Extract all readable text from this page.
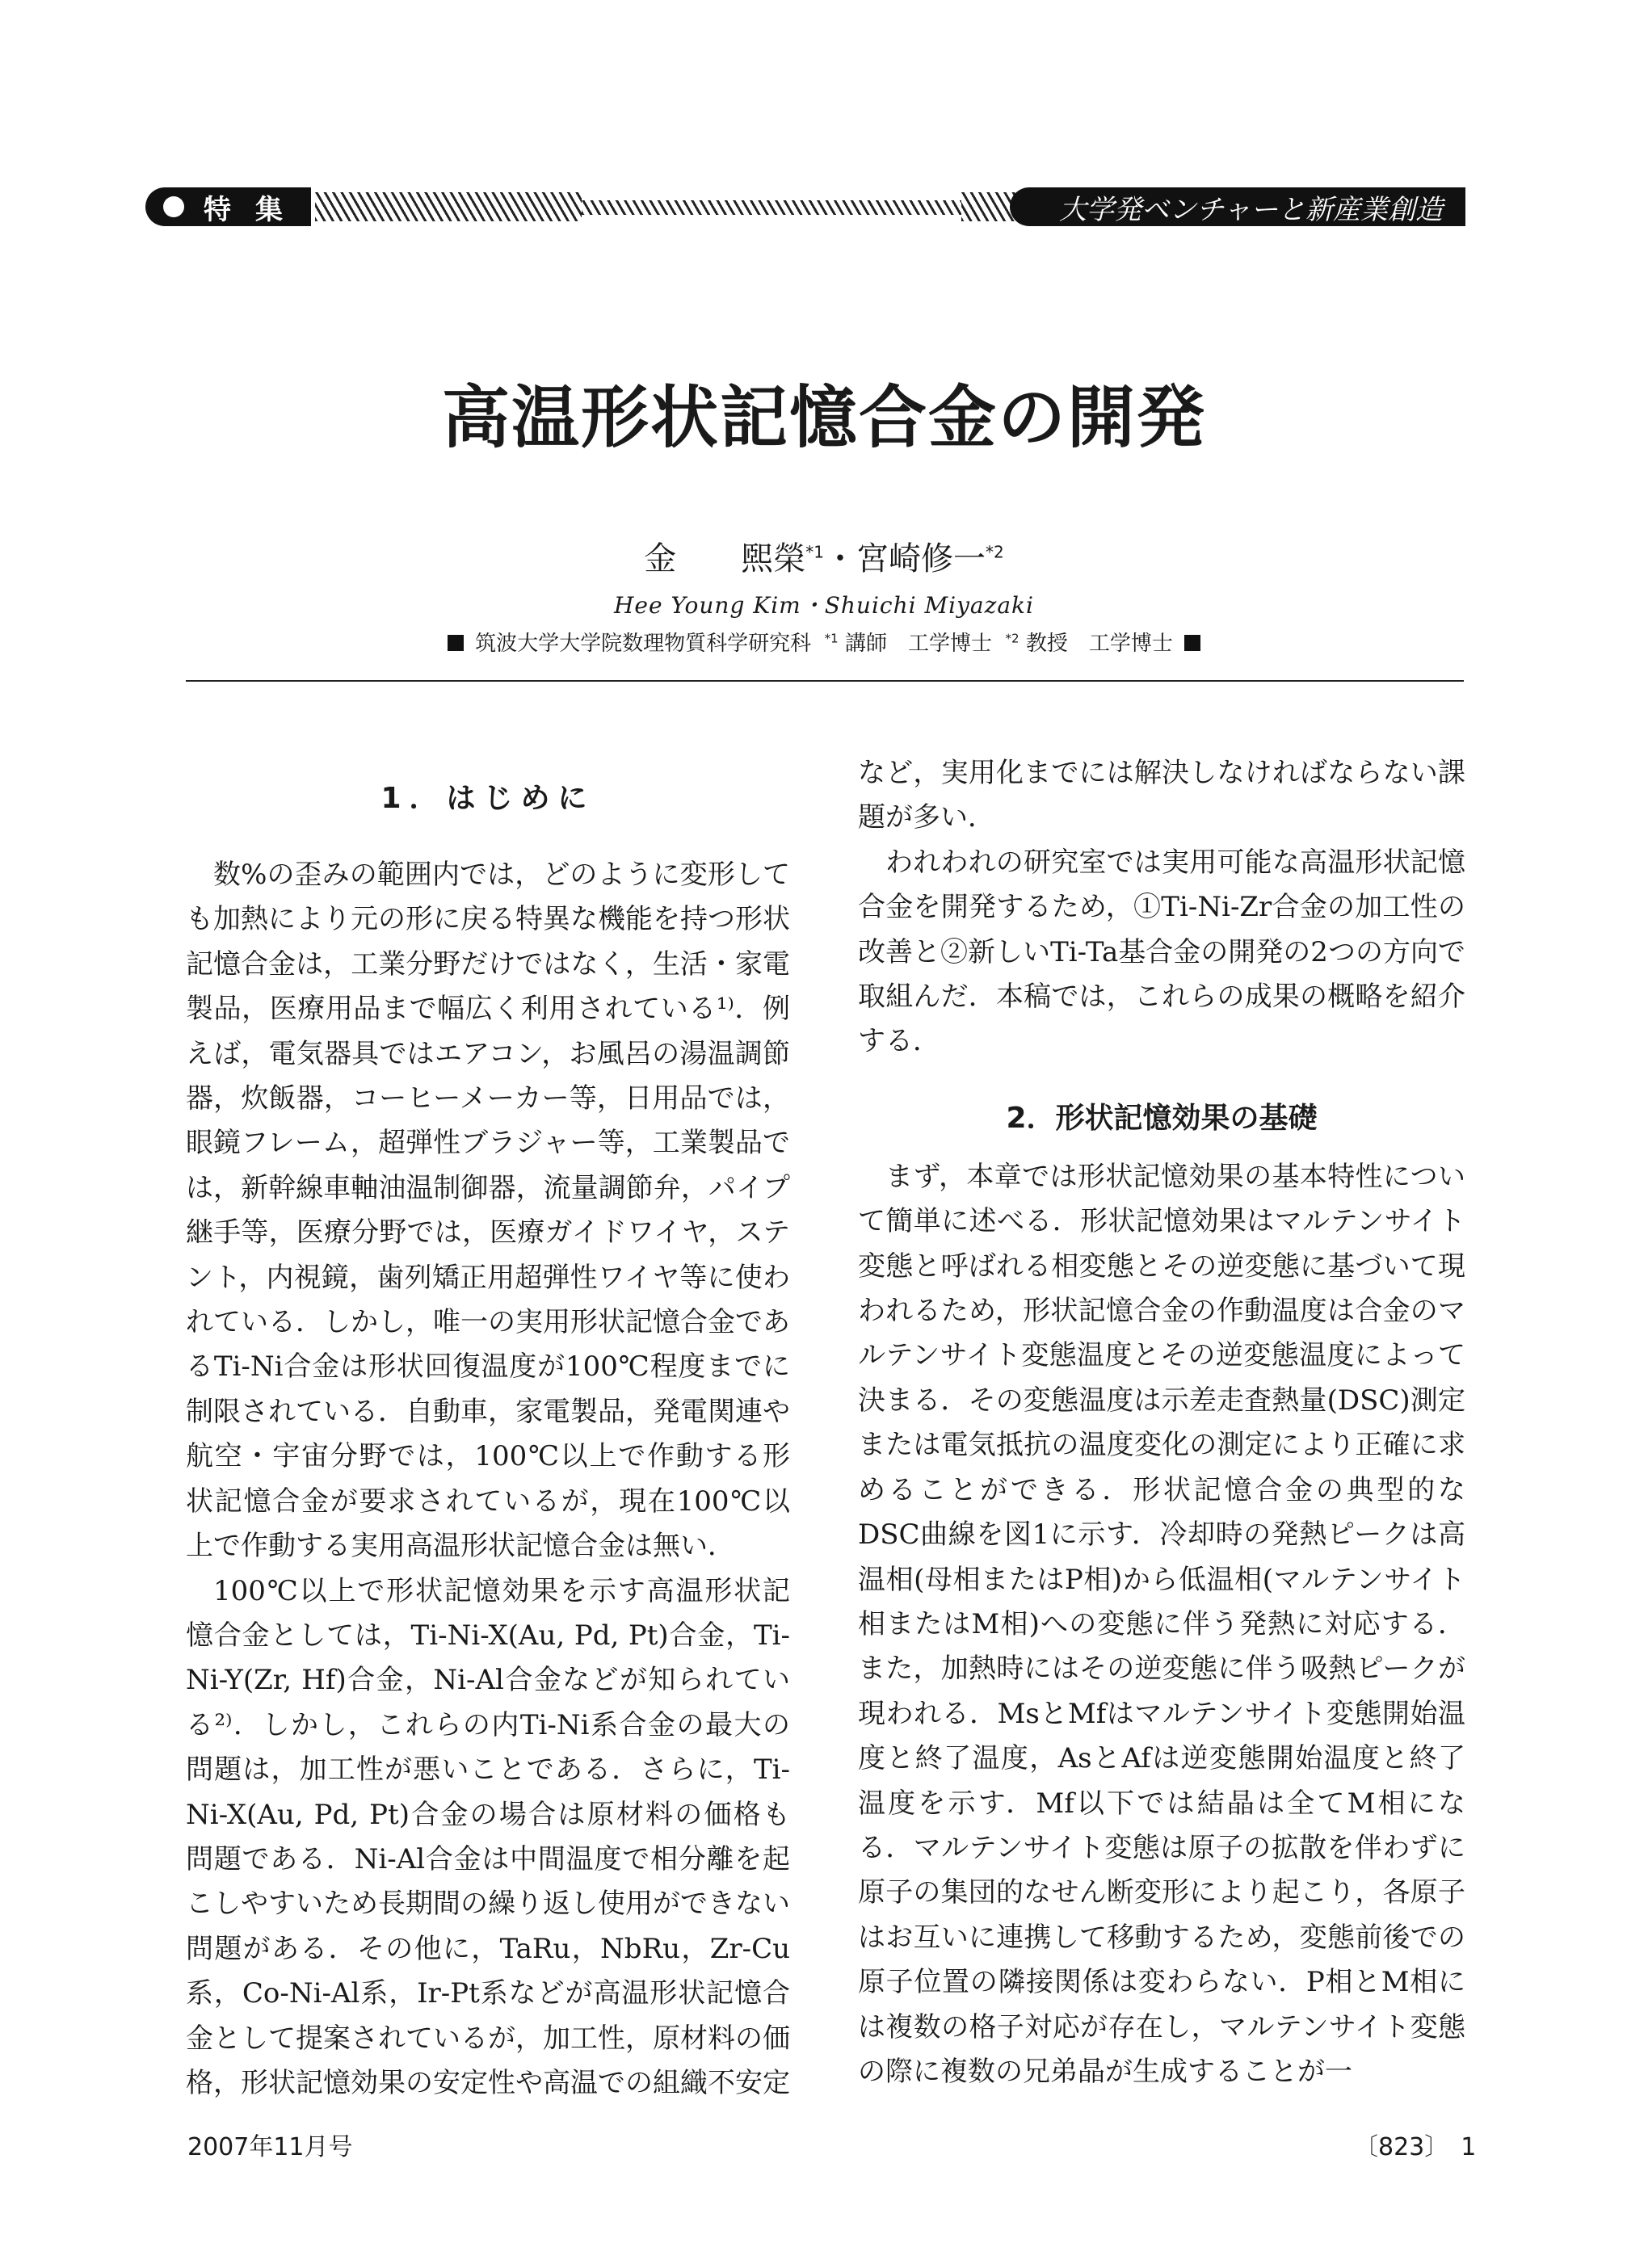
特集	大学発ベンチャーと新産業創造
高温形状記憶合金の開発
金　　煕榮$^{*1}$・宮崎修一$^{*2}$
Hee Young Kim・Shuichi Miyazaki
筑波大学大学院数理物質科学研究科 $^{*1}$ 講師　工学博士 $^{*2}$ 教授　工学博士
1．はじめに

数%の歪みの範囲内では，どのように変形しても加熱により元の形に戻る特異な機能を持つ形状記憶合金は，工業分野だけではなく，生活・家電製品，医療用品まで幅広く利用されている¹⁾．例えば，電気器具ではエアコン，お風呂の湯温調節器，炊飯器，コーヒーメーカー等，日用品では，眼鏡フレーム，超弾性ブラジャー等，工業製品では，新幹線車軸油温制御器，流量調節弁，パイプ継手等，医療分野では，医療ガイドワイヤ，ステント，内視鏡，歯列矯正用超弾性ワイヤ等に使われている．しかし，唯一の実用形状記憶合金であるTi-Ni合金は形状回復温度が100℃程度までに制限されている．自動車，家電製品，発電関連や航空・宇宙分野では，100℃以上で作動する形状記憶合金が要求されているが，現在100℃以上で作動する実用高温形状記憶合金は無い．

100℃以上で形状記憶効果を示す高温形状記憶合金としては，Ti-Ni-X(Au, Pd, Pt)合金，Ti-Ni-Y(Zr, Hf)合金，Ni-Al合金などが知られている²⁾．しかし，これらの内Ti-Ni系合金の最大の問題は，加工性が悪いことである．さらに，Ti-Ni-X(Au, Pd, Pt)合金の場合は原材料の価格も問題である．Ni-Al合金は中間温度で相分離を起こしやすいため長期間の繰り返し使用ができない問題がある．その他に，TaRu，NbRu，Zr-Cu系，Co-Ni-Al系，Ir-Pt系などが高温形状記憶合金として提案されているが，加工性，原材料の価格，形状記憶効果の安定性や高温での組織不安定

など，実用化までには解決しなければならない課題が多い．

われわれの研究室では実用可能な高温形状記憶合金を開発するため，①Ti-Ni-Zr合金の加工性の改善と②新しいTi-Ta基合金の開発の2つの方向で取組んだ．本稿では，これらの成果の概略を紹介する．

2．形状記憶効果の基礎

まず，本章では形状記憶効果の基本特性について簡単に述べる．形状記憶効果はマルテンサイト変態と呼ばれる相変態とその逆変態に基づいて現われるため，形状記憶合金の作動温度は合金のマルテンサイト変態温度とその逆変態温度によって決まる．その変態温度は示差走査熱量(DSC)測定または電気抵抗の温度変化の測定により正確に求めることができる．形状記憶合金の典型的なDSC曲線を図1に示す．冷却時の発熱ピークは高温相(母相またはP相)から低温相(マルテンサイト相またはM相)への変態に伴う発熱に対応する．また，加熱時にはその逆変態に伴う吸熱ピークが現われる．MsとMfはマルテンサイト変態開始温度と終了温度，AsとAfは逆変態開始温度と終了温度を示す．Mf以下では結晶は全てM相になる．マルテンサイト変態は原子の拡散を伴わずに原子の集団的なせん断変形により起こり，各原子はお互いに連携して移動するため，変態前後での原子位置の隣接関係は変わらない．P相とM相には複数の格子対応が存在し，マルテンサイト変態の際に複数の兄弟晶が生成することが一

2007年11月号	〔823〕　1
